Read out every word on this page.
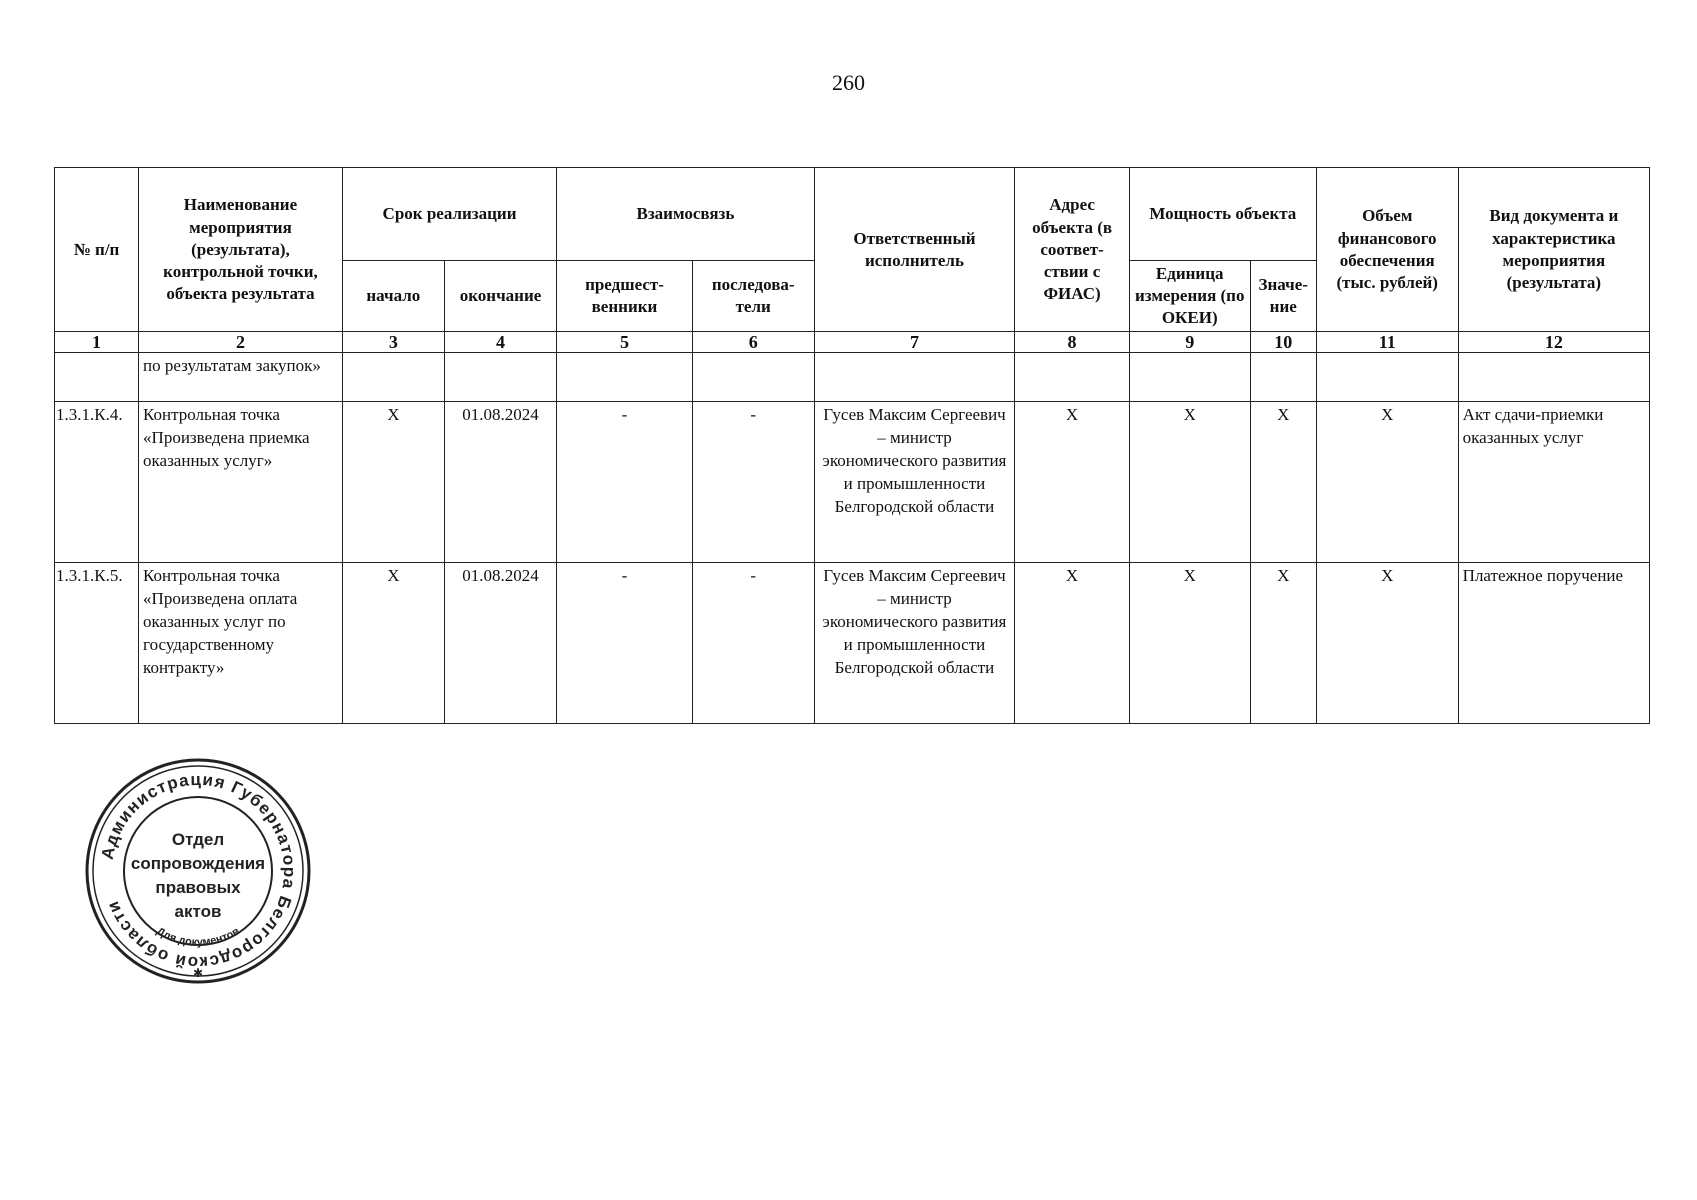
260
№ п/п	Наименование мероприятия (результата), контрольной точки, объекта результата	Срок реализации		Взаимосвязь		Ответственный исполнитель	Адрес объекта (в соответ-ствии с ФИАС)	Мощность объекта		Объем финансового обеспечения (тыс. рублей)	Вид документа и характеристика мероприятия (результата)
		начало	окончание	предшест-венники	последова-тели			Единица измерения (по ОКЕИ)	Значе-ние		
1	2	3	4	5	6	7	8	9	10	11	12
	по результатам закупок»										
1.3.1.К.4.	Контрольная точка «Произведена приемка оказанных услуг»	X	01.08.2024	-	-	Гусев Максим Сергеевич – министр экономического развития и промышленности Белгородской области	X	X	X	X	Акт сдачи-приемки оказанных услуг
1.3.1.К.5.	Контрольная точка «Произведена оплата оказанных услуг по государственному контракту»	X	01.08.2024	-	-	Гусев Максим Сергеевич – министр экономического развития и промышленности Белгородской области	X	X	X	X	Платежное поручение
Администрация Губернатора Белгородской области
Отдел
сопровождения
правовых
актов
Для документов
✱
